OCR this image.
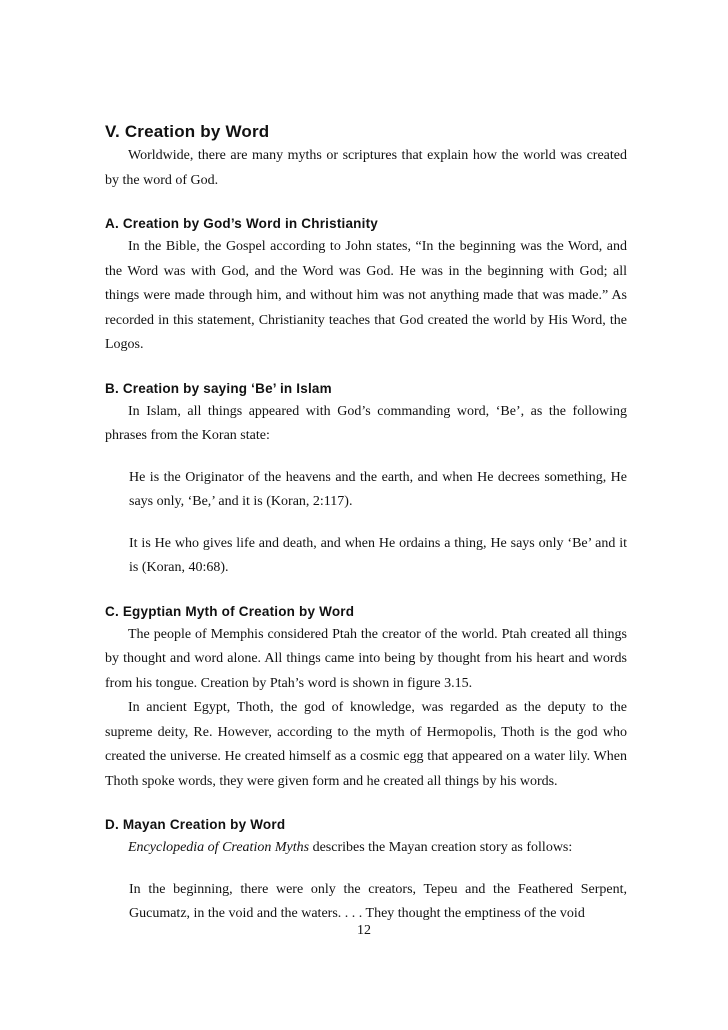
V. Creation by Word

Worldwide, there are many myths or scriptures that explain how the world was created by the word of God.

A. Creation by God’s Word in Christianity

In the Bible, the Gospel according to John states, “In the beginning was the Word, and the Word was with God, and the Word was God. He was in the beginning with God; all things were made through him, and without him was not anything made that was made.” As recorded in this statement, Christianity teaches that God created the world by His Word, the Logos.

B. Creation by saying ‘Be’ in Islam

In Islam, all things appeared with God’s commanding word, ‘Be’, as the following phrases from the Koran state:

He is the Originator of the heavens and the earth, and when He decrees something, He says only, ‘Be,’ and it is (Koran, 2:117).
It is He who gives life and death, and when He ordains a thing, He says only ‘Be’ and it is (Koran, 40:68).
C. Egyptian Myth of Creation by Word

The people of Memphis considered Ptah the creator of the world. Ptah created all things by thought and word alone. All things came into being by thought from his heart and words from his tongue. Creation by Ptah’s word is shown in figure 3.15.

In ancient Egypt, Thoth, the god of knowledge, was regarded as the deputy to the supreme deity, Re. However, according to the myth of Hermopolis, Thoth is the god who created the universe. He created himself as a cosmic egg that appeared on a water lily. When Thoth spoke words, they were given form and he created all things by his words.

D. Mayan Creation by Word

Encyclopedia of Creation Myths describes the Mayan creation story as follows:

In the beginning, there were only the creators, Tepeu and the Feathered Serpent, Gucumatz, in the void and the waters. . . . They thought the emptiness of the void
12
